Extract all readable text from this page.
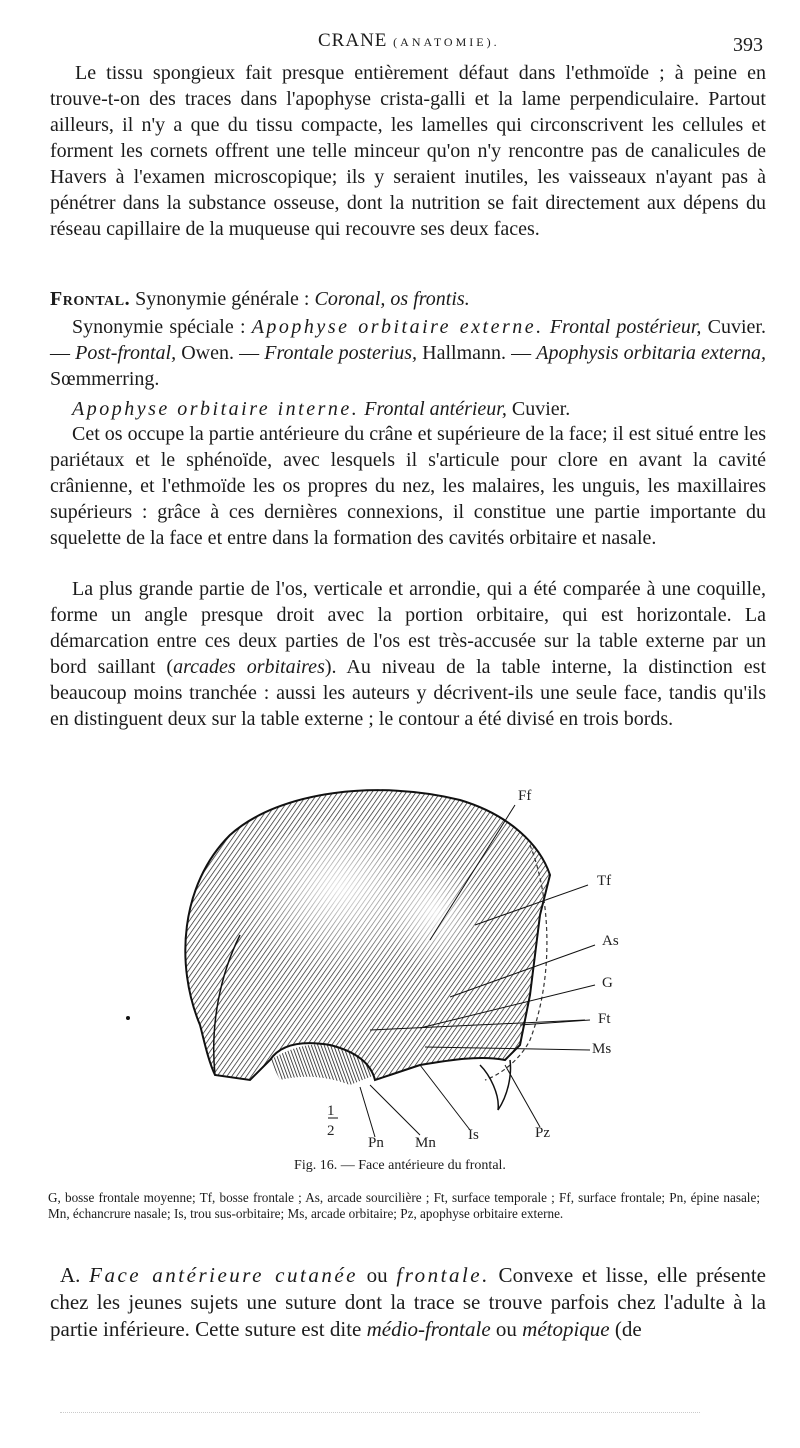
CRANE (ANATOMIE).	393
Le tissu spongieux fait presque entièrement défaut dans l'ethmoïde ; à peine en trouve-t-on des traces dans l'apophyse crista-galli et la lame perpendiculaire. Partout ailleurs, il n'y a que du tissu compacte, les lamelles qui circonscrivent les cellules et forment les cornets offrent une telle minceur qu'on n'y rencontre pas de canalicules de Havers à l'examen microscopique; ils y seraient inutiles, les vaisseaux n'ayant pas à pénétrer dans la substance osseuse, dont la nutrition se fait directement aux dépens du réseau capillaire de la muqueuse qui recouvre ses deux faces.
Frontal. Synonymie générale : Coronal, os frontis.
Synonymie spéciale : Apophyse orbitaire externe. Frontal postérieur, Cuvier. — Post-frontal, Owen. — Frontale posterius, Hallmann. — Apophysis orbitaria externa, Sœmmerring.
Apophyse orbitaire interne. Frontal antérieur, Cuvier.
Cet os occupe la partie antérieure du crâne et supérieure de la face; il est situé entre les pariétaux et le sphénoïde, avec lesquels il s'articule pour clore en avant la cavité crânienne, et l'ethmoïde les os propres du nez, les malaires, les unguis, les maxillaires supérieurs : grâce à ces dernières connexions, il constitue une partie importante du squelette de la face et entre dans la formation des cavités orbitaire et nasale.
La plus grande partie de l'os, verticale et arrondie, qui a été comparée à une coquille, forme un angle presque droit avec la portion orbitaire, qui est horizontale. La démarcation entre ces deux parties de l'os est très-accusée sur la table externe par un bord saillant (arcades orbitaires). Au niveau de la table interne, la distinction est beaucoup moins tranchée : aussi les auteurs y décrivent-ils une seule face, tandis qu'ils en distinguent deux sur la table externe ; le contour a été divisé en trois bords.
Ff
Tf
As
G
Ft
Ms
Pz
Is
Mn
Pn
1
2
Fig. 16. — Face antérieure du frontal.
G, bosse frontale moyenne; Tf, bosse frontale ; As, arcade sourcilière ; Ft, surface temporale ; Ff, surface frontale; Pn, épine nasale; Mn, échancrure nasale; Is, trou sus-orbitaire; Ms, arcade orbitaire; Pz, apophyse orbitaire externe.
A. Face antérieure cutanée ou frontale. Convexe et lisse, elle présente chez les jeunes sujets une suture dont la trace se trouve parfois chez l'adulte à la partie inférieure. Cette suture est dite médio-frontale ou métopique (de
